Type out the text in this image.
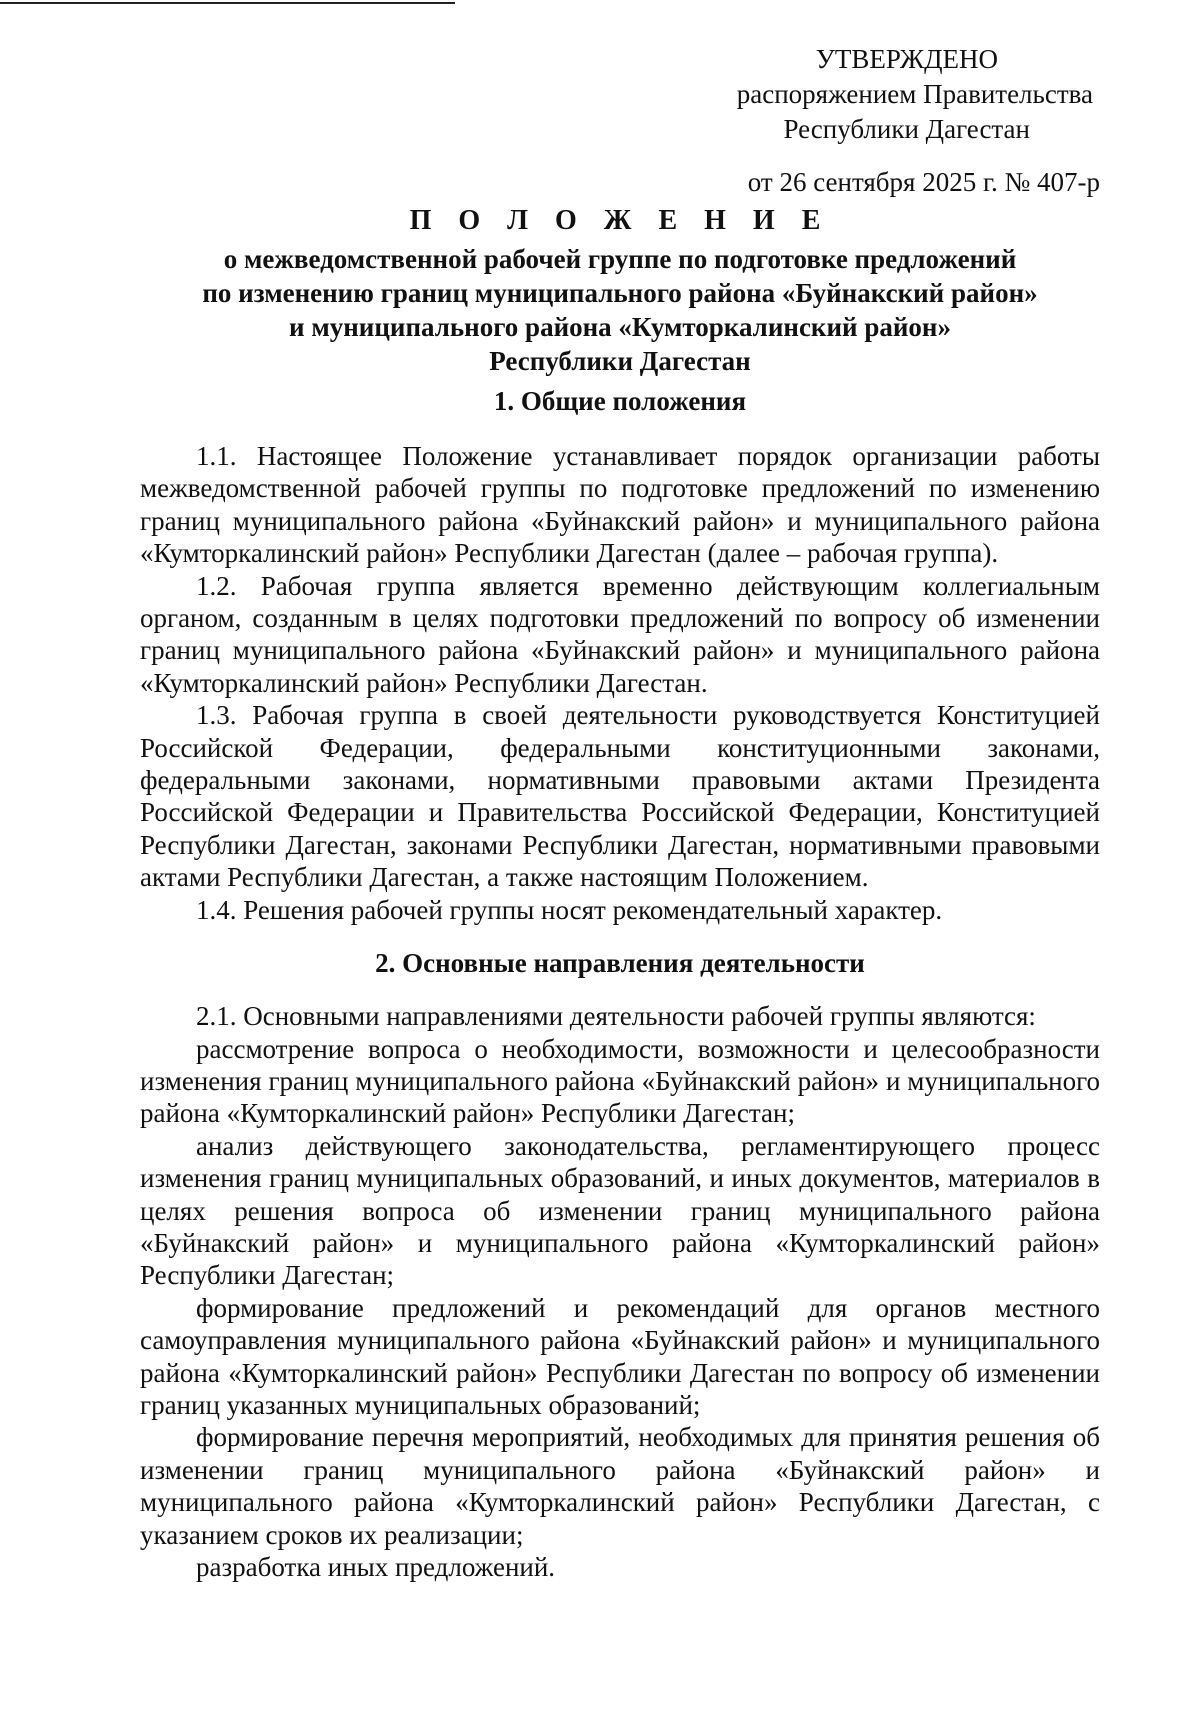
УТВЕРЖДЕНО
распоряжением Правительства
Республики Дагестан
от 26 сентября 2025 г. № 407-р
П О Л О Ж Е Н И Е
о межведомственной рабочей группе по подготовке предложений
по изменению границ муниципального района «Буйнакский район»
и муниципального района «Кумторкалинский район»
Республики Дагестан
1. Общие положения

1.1. Настоящее Положение устанавливает порядок организации работы межведомственной рабочей группы по подготовке предложений по изменению границ муниципального района «Буйнакский район» и муниципального района «Кумторкалинский район» Республики Дагестан (далее – рабочая группа).

1.2. Рабочая группа является временно действующим коллегиальным органом, созданным в целях подготовки предложений по вопросу об изменении границ муниципального района «Буйнакский район» и муниципального района «Кумторкалинский район» Республики Дагестан.

1.3. Рабочая группа в своей деятельности руководствуется Конституцией Российской Федерации, федеральными конституционными законами, федеральными законами, нормативными правовыми актами Президента Российской Федерации и Правительства Российской Федерации, Конституцией Республики Дагестан, законами Республики Дагестан, нормативными правовыми актами Республики Дагестан, а также настоящим Положением.

1.4. Решения рабочей группы носят рекомендательный характер.

2. Основные направления деятельности

2.1. Основными направлениями деятельности рабочей группы являются:

рассмотрение вопроса о необходимости, возможности и целесообразности изменения границ муниципального района «Буйнакский район» и муниципального района «Кумторкалинский район» Республики Дагестан;

анализ действующего законодательства, регламентирующего процесс изменения границ муниципальных образований, и иных документов, материалов в целях решения вопроса об изменении границ муниципального района «Буйнакский район» и муниципального района «Кумторкалинский район» Республики Дагестан;

формирование предложений и рекомендаций для органов местного самоуправления муниципального района «Буйнакский район» и муниципального района «Кумторкалинский район» Республики Дагестан по вопросу об изменении границ указанных муниципальных образований;

формирование перечня мероприятий, необходимых для принятия решения об изменении границ муниципального района «Буйнакский район» и муниципального района «Кумторкалинский район» Республики Дагестан, с указанием сроков их реализации;

разработка иных предложений.
